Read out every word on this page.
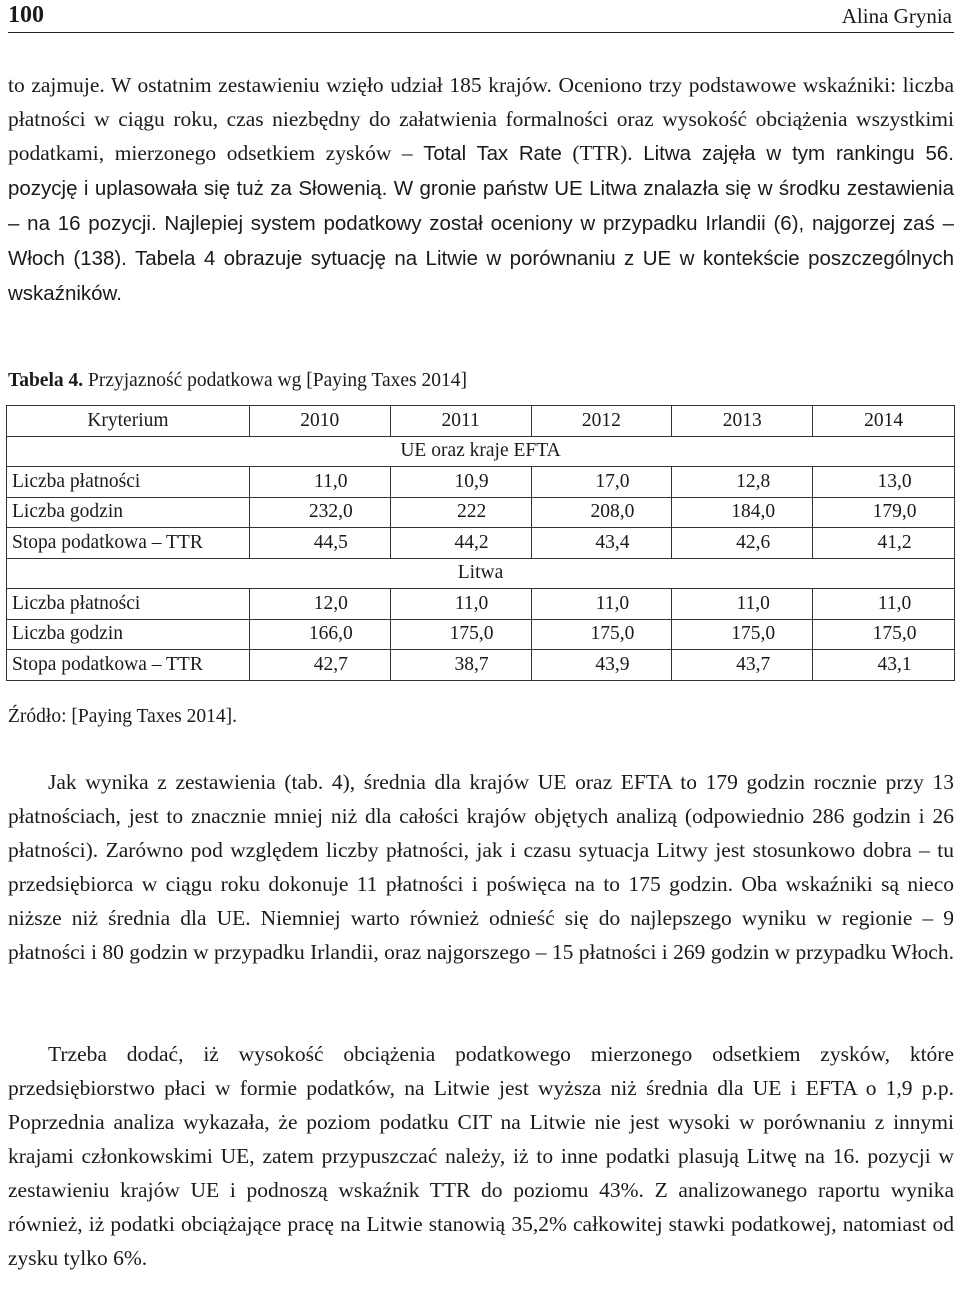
100	Alina Grynia

to zajmuje. W ostatnim zestawieniu wzięło udział 185 krajów. Oceniono trzy podstawowe wskaźniki: liczba płatności w ciągu roku, czas niezbędny do załatwienia formalności oraz wysokość obciążenia wszystkimi podatkami, mierzonego odsetkiem zysków – Total Tax Rate (TTR). Litwa zajęła w tym rankingu 56. pozycję i uplasowała się tuż za Słowenią. W gronie państw UE Litwa znalazła się w środku zestawienia – na 16 pozycji. Najlepiej system podatkowy został oceniony w przypadku Irlandii (6), najgorzej zaś – Włoch (138). Tabela 4 obrazuje sytuację na Litwie w porównaniu z UE w kontekście poszczególnych wskaźników.

Tabela 4. Przyjazność podatkowa wg [Paying Taxes 2014]
Kryterium	2010	2011	2012	2013	2014
UE oraz kraje EFTA					
Liczba płatności	11,0	10,9	17,0	12,8	13,0
Liczba godzin	232,0	222	208,0	184,0	179,0
Stopa podatkowa – TTR	44,5	44,2	43,4	42,6	41,2
Litwa					
Liczba płatności	12,0	11,0	11,0	11,0	11,0
Liczba godzin	166,0	175,0	175,0	175,0	175,0
Stopa podatkowa – TTR	42,7	38,7	43,9	43,7	43,1
Źródło: [Paying Taxes 2014].

Jak wynika z zestawienia (tab. 4), średnia dla krajów UE oraz EFTA to 179 godzin rocznie przy 13 płatnościach, jest to znacznie mniej niż dla całości krajów objętych analizą (odpowiednio 286 godzin i 26 płatności). Zarówno pod względem liczby płatności, jak i czasu sytuacja Litwy jest stosunkowo dobra – tu przedsiębiorca w ciągu roku dokonuje 11 płatności i poświęca na to 175 godzin. Oba wskaźniki są nieco niższe niż średnia dla UE. Niemniej warto również odnieść się do najlepszego wyniku w regionie – 9 płatności i 80 godzin w przypadku Irlandii, oraz najgorszego – 15 płatności i 269 godzin w przypadku Włoch.

Trzeba dodać, iż wysokość obciążenia podatkowego mierzonego odsetkiem zysków, które przedsiębiorstwo płaci w formie podatków, na Litwie jest wyższa niż średnia dla UE i EFTA o 1,9 p.p. Poprzednia analiza wykazała, że poziom podatku CIT na Litwie nie jest wysoki w porównaniu z innymi krajami członkowskimi UE, zatem przypuszczać należy, iż to inne podatki plasują Litwę na 16. pozycji w zestawieniu krajów UE i podnoszą wskaźnik TTR do poziomu 43%. Z analizowanego raportu wynika również, iż podatki obciążające pracę na Litwie stanowią 35,2% całkowitej stawki podatkowej, natomiast od zysku tylko 6%.
